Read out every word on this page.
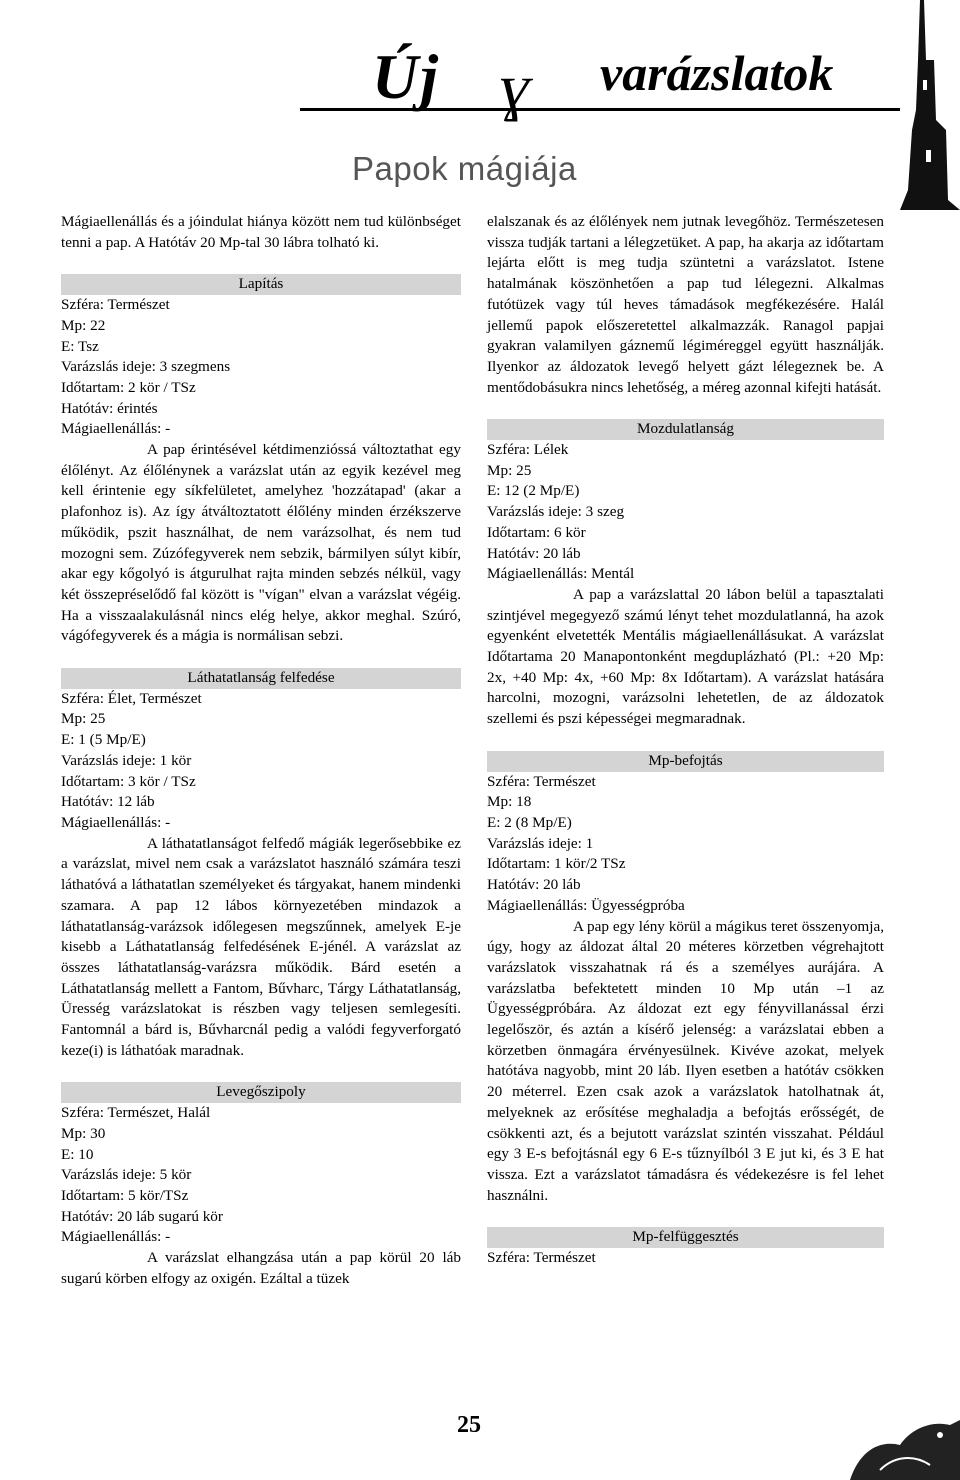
Új ɣ varázslatok
Papok mágiája

Mágiaellenállás és a jóindulat hiánya között nem tud különbséget tenni a pap. A Hatótáv 20 Mp-tal 30 lábra tolható ki.

Lapítás
Szféra: Természet
Mp: 22
E: Tsz
Varázslás ideje: 3 szegmens
Időtartam: 2 kör / TSz
Hatótáv: érintés
Mágiaellenállás: -

A pap érintésével kétdimenzióssá változtathat egy élőlényt. Az élőlénynek a varázslat után az egyik kezével meg kell érintenie egy síkfelületet, amelyhez 'hozzátapad' (akar a plafonhoz is). Az így átváltoztatott élőlény minden érzékszerve működik, pszit használhat, de nem varázsolhat, és nem tud mozogni sem. Zúzófegyverek nem sebzik, bármilyen súlyt kibír, akar egy kőgolyó is átgurulhat rajta minden sebzés nélkül, vagy két összepréselődő fal között is "vígan" elvan a varázslat végéig. Ha a visszaalakulásnál nincs elég helye, akkor meghal. Szúró, vágófegyverek és a mágia is normálisan sebzi.

Láthatatlanság felfedése
Szféra: Élet, Természet
Mp: 25
E: 1 (5 Mp/E)
Varázslás ideje: 1 kör
Időtartam: 3 kör / TSz
Hatótáv: 12 láb
Mágiaellenállás: -

A láthatatlanságot felfedő mágiák legerősebbike ez a varázslat, mivel nem csak a varázslatot használó számára teszi láthatóvá a láthatatlan személyeket és tárgyakat, hanem mindenki szamara. A pap 12 lábos környezetében mindazok a láthatatlanság-varázsok időlegesen megszűnnek, amelyek E-je kisebb a Láthatatlanság felfedésének E-jénél. A varázslat az összes láthatatlanság-varázsra működik. Bárd esetén a Láthatatlanság mellett a Fantom, Bűvharc, Tárgy Láthatatlanság, Üresség varázslatokat is részben vagy teljesen semlegesíti. Fantomnál a bárd is, Bűvharcnál pedig a valódi fegyverforgató keze(i) is láthatóak maradnak.

Levegőszipoly
Szféra: Természet, Halál
Mp: 30
E: 10
Varázslás ideje: 5 kör
Időtartam: 5 kör/TSz
Hatótáv: 20 láb sugarú kör
Mágiaellenállás: -

A varázslat elhangzása után a pap körül 20 láb sugarú körben elfogy az oxigén. Ezáltal a tüzek

elalszanak és az élőlények nem jutnak levegőhöz. Természetesen vissza tudják tartani a lélegzetüket. A pap, ha akarja az időtartam lejárta előtt is meg tudja szüntetni a varázslatot. Istene hatalmának köszönhetően a pap tud lélegezni. Alkalmas futótüzek vagy túl heves támadások megfékezésére. Halál jellemű papok előszeretettel alkalmazzák. Ranagol papjai gyakran valamilyen gáznemű légiméreggel együtt használják. Ilyenkor az áldozatok levegő helyett gázt lélegeznek be. A mentődobásukra nincs lehetőség, a méreg azonnal kifejti hatását.

Mozdulatlanság
Szféra: Lélek
Mp: 25
E: 12 (2 Mp/E)
Varázslás ideje: 3 szeg
Időtartam: 6 kör
Hatótáv: 20 láb
Mágiaellenállás: Mentál

A pap a varázslattal 20 lábon belül a tapasztalati szintjével megegyező számú lényt tehet mozdulatlanná, ha azok egyenként elvetették Mentális mágiaellenállásukat. A varázslat Időtartama 20 Manapontonként megduplázható (Pl.: +20 Mp: 2x, +40 Mp: 4x, +60 Mp: 8x Időtartam). A varázslat hatására harcolni, mozogni, varázsolni lehetetlen, de az áldozatok szellemi és pszi képességei megmaradnak.

Mp-befojtás
Szféra: Természet
Mp: 18
E: 2 (8 Mp/E)
Varázslás ideje: 1
Időtartam: 1 kör/2 TSz
Hatótáv: 20 láb
Mágiaellenállás: Ügyességpróba

A pap egy lény körül a mágikus teret összenyomja, úgy, hogy az áldozat által 20 méteres körzetben végrehajtott varázslatok visszahatnak rá és a személyes aurájára. A varázslatba befektetett minden 10 Mp után –1 az Ügyességpróbára. Az áldozat ezt egy fényvillanással érzi legelőször, és aztán a kísérő jelenség: a varázslatai ebben a körzetben önmagára érvényesülnek. Kivéve azokat, melyek hatótáva nagyobb, mint 20 láb. Ilyen esetben a hatótáv csökken 20 méterrel. Ezen csak azok a varázslatok hatolhatnak át, melyeknek az erősítése meghaladja a befojtás erősségét, de csökkenti azt, és a bejutott varázslat szintén visszahat. Például egy 3 E-s befojtásnál egy 6 E-s tűznyílból 3 E jut ki, és 3 E hat vissza. Ezt a varázslatot támadásra és védekezésre is fel lehet használni.

Mp-felfüggesztés
Szféra: Természet
25
